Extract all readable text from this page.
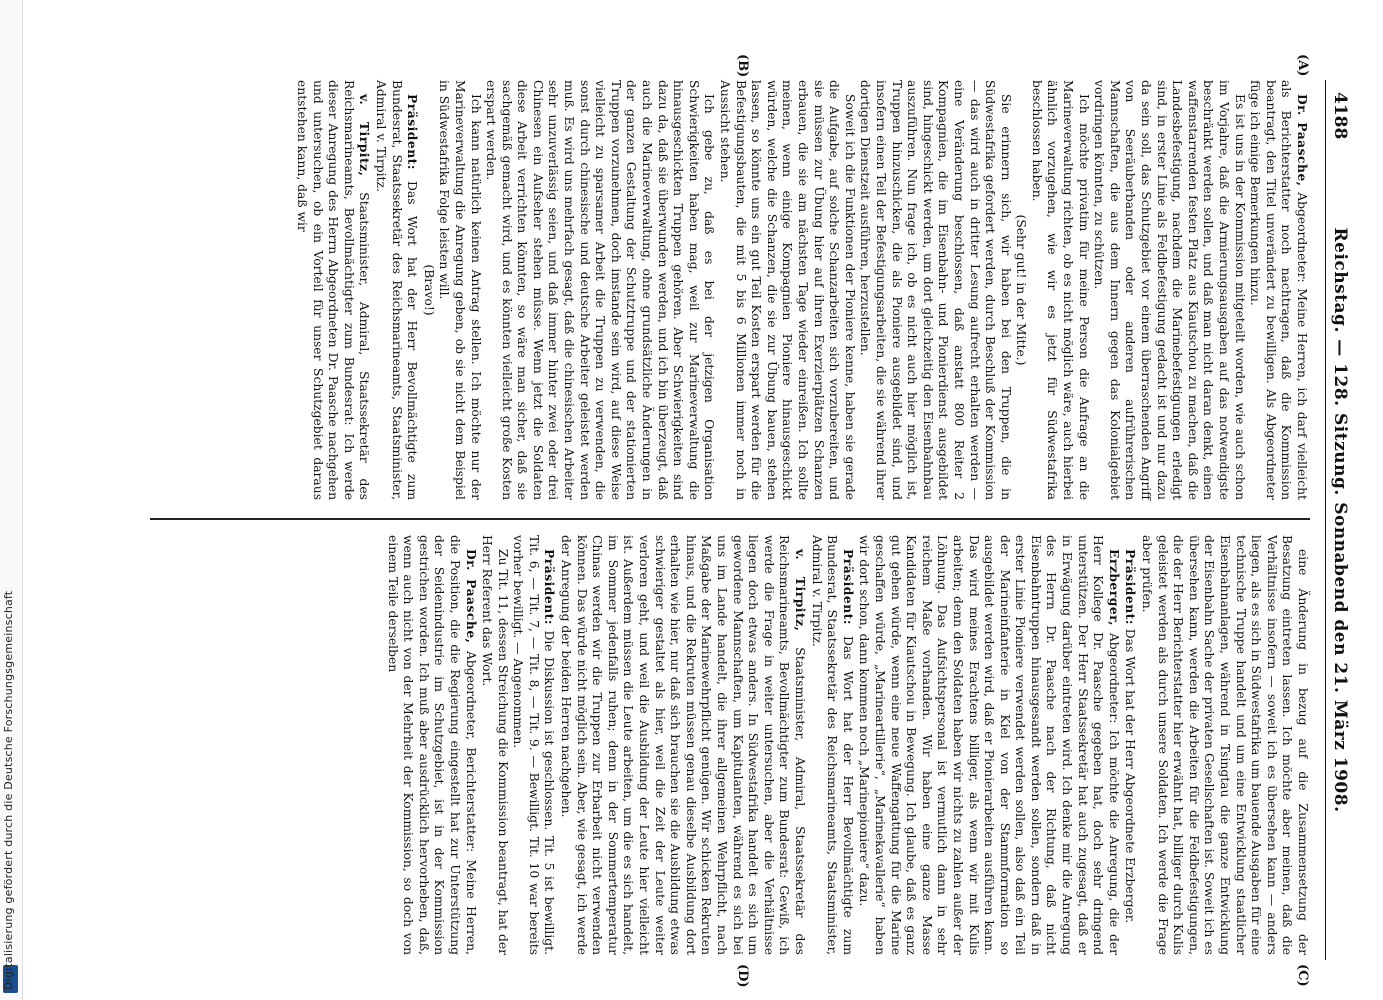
Digitalisierung gefördert durch die Deutsche Forschungsgemeinschaft
4188
Reichstag. — 128. Sitzung. Sonnabend den 21. März 1908.
(A)
(B)
(C)
(D)

Dr. Paasche, Abgeordneter: Meine Herren, ich darf vielleicht als Berichterstatter noch nachtragen, daß die Kommission beantragt, den Titel unverändert zu bewilligen. Als Abgeordneter füge ich einige Bemerkungen hinzu.

Es ist uns in der Kommission mitgeteilt worden, wie auch schon im Vorjahre, daß die Armierungsausgaben auf das notwendigste beschränkt werden sollen, und daß man nicht daran denkt, einen waffenstarrenden festen Platz aus Kiautschou zu machen, daß die Landesbefestigung, nachdem die Marinebefestigungen erledigt sind, in erster Linie als Feldbefestigung gedacht ist und nur dazu da sein soll, das Schutzgebiet vor einem überraschenden Angriff von Seeräuberbanden oder anderen aufrührerischen Mannschaften, die aus dem Innern gegen das Kolonialgebiet vordringen könnten, zu schützen.

Ich möchte privatim für meine Person die Anfrage an die Marineverwaltung richten, ob es nicht möglich wäre, auch hierbei ähnlich vorzugehen, wie wir es jetzt für Südwestafrika beschlossen haben.

(Sehr gut! in der Mitte.)

Sie erinnern sich, wir haben bei den Truppen, die in Südwestafrika gefordert werden, durch Beschluß der Kommission — das wird auch in dritter Lesung aufrecht erhalten werden — eine Veränderung beschlossen, daß anstatt 800 Reiter 2 Kompagnien, die im Eisenbahn- und Pionierdienst ausgebildet sind, hingeschickt werden, um dort gleichzeitig den Eisenbahnbau auszuführen. Nun frage ich, ob es nicht auch hier möglich ist, Truppen hinzuschicken, die als Pioniere ausgebildet sind, und insofern einen Teil der Befestigungsarbeiten, die sie während ihrer dortigen Dienstzeit ausführen, herzustellen.

Soweit ich die Funktionen der Pioniere kenne, haben sie gerade die Aufgabe, auf solche Schanzarbeiten sich vorzubereiten, und sie müssen zur Übung hier auf ihren Exerzierplätzen Schanzen erbauen, die sie am nächsten Tage wieder einreißen. Ich sollte meinen, wenn einige Kompagnien Pioniere hinausgeschickt würden, welche die Schanzen, die sie zur Übung bauen, stehen lassen, so könnte uns ein gut Teil Kosten erspart werden für die Befestigungsbauten, die mit 5 bis 6 Millionen immer noch in Aussicht stehen.

Ich gebe zu, daß es bei der jetzigen Organisation Schwierigkeiten haben mag, weil zur Marineverwaltung die hinausgeschickten Truppen gehören. Aber Schwierigkeiten sind dazu da, daß sie überwunden werden, und ich bin überzeugt, daß auch die Marineverwaltung, ohne grundsätzliche Änderungen in der ganzen Gestaltung der Schutztruppe und der stationierten Truppen vorzunehmen, doch imstande sein wird, auf diese Weise vielleicht zu sparsamer Arbeit die Truppen zu verwenden, die sonst durch chinesische und deutsche Arbeiter geleistet werden muß. Es wird uns mehrfach gesagt, daß die chinesischen Arbeiter sehr unzuverlässig seien, und daß immer hinter zwei oder drei Chinesen ein Aufseher stehen müsse. Wenn jetzt die Soldaten diese Arbeit verrichten könnten, so wäre man sicher, daß sie sachgemäß gemacht wird, und es könnten vielleicht große Kosten erspart werden.

Ich kann natürlich keinen Antrag stellen. Ich möchte nur der Marineverwaltung die Anregung geben, ob sie nicht dem Beispiel in Südwestafrika Folge leisten will.

(Bravo!)

Präsident: Das Wort hat der Herr Bevollmächtigte zum Bundesrat, Staatssekretär des Reichsmarineamts, Staatsminister, Admiral v. Tirpitz.

v. Tirpitz, Staatsminister, Admiral, Staatssekretär des Reichsmarineamts, Bevollmächtigter zum Bundesrat: Ich werde dieser Anregung des Herrn Abgeordneten Dr. Paasche nachgehen und untersuchen, ob ein Vorteil für unser Schutzgebiet daraus entstehen kann, daß wir

eine Änderung in bezug auf die Zusammensetzung der Besatzung eintreten lassen. Ich möchte aber meinen, daß die Verhältnisse insofern — soweit ich es übersehen kann — anders liegen, als es sich in Südwestafrika um bauende Ausgaben für eine technische Truppe handelt und um eine Entwicklung staatlicher Eisenbahnanlagen, während in Tsingtau die ganze Entwicklung der Eisenbahn Sache der privaten Gesellschaften ist. Soweit ich es übersehen kann, werden die Arbeiten für die Feldbefestigungen, die der Herr Berichterstatter hier erwähnt hat, billiger durch Kulis geleistet werden als durch unsere Soldaten. Ich werde die Frage aber prüfen.

Präsident: Das Wort hat der Herr Abgeordnete Erzberger.

Erzberger, Abgeordneter: Ich möchte die Anregung, die der Herr Kollege Dr. Paasche gegeben hat, doch sehr dringend unterstützen. Der Herr Staatssekretär hat auch zugesagt, daß er in Erwägung darüber eintreten wird. Ich denke mir die Anregung des Herrn Dr. Paasche nach der Richtung, daß nicht Eisenbahntruppen hinausgesandt werden sollen, sondern daß in erster Linie Pioniere verwendet werden sollen, also daß ein Teil der Marineinfanterie in Kiel von der Stammformation so ausgebildet werden wird, daß er Pionierarbeiten ausführen kann. Das wird meines Erachtens billiger, als wenn wir mit Kulis arbeiten; denn den Soldaten haben wir nichts zu zahlen außer der Löhnung. Das Aufsichtspersonal ist vermutlich dann in sehr reichem Maße vorhanden. Wir haben eine ganze Masse Kandidaten für Kiautschou in Bewegung. Ich glaube, daß es ganz gut gehen würde, wenn eine neue Waffengattung für die Marine geschaffen würde, „Marineartillerie“, „Marinekavallerie“ haben wir dort schon, dann kommen noch „Marinepioniere“ dazu.

Präsident: Das Wort hat der Herr Bevollmächtigte zum Bundesrat, Staatssekretär des Reichsmarineamts, Staatsminister, Admiral v. Tirpitz.

v. Tirpitz, Staatsminister, Admiral, Staatssekretär des Reichsmarineamts, Bevollmächtigter zum Bundesrat: Gewiß, ich werde die Frage in weiter untersuchen, aber die Verhältnisse liegen doch etwas anders. In Südwestafrika handelt es sich um gewordene Mannschaften, um Kapitulanten, während es sich bei uns im Lande handelt, die ihrer allgemeinen Wehrpflicht, nach Maßgabe der Marinewehrpflicht genügen. Wir schicken Rekruten hinaus, und die Rekruten müssen genau dieselbe Ausbildung dort erhalten wie hier, nur daß sich brauchen sie die Ausbildung etwas schwieriger gestaltet als hier, weil die Zeit der Leute weiter verloren geht, und weil die Ausbildung der Leute hier vielleicht ist. Außerdem müssen die Leute arbeiten, um die es sich handelt, im Sommer jedenfalls ruhen; denn in der Sommertemperatur Chinas werden wir die Truppen zur Erbarbeit nicht verwenden können. Das würde nicht möglich sein. Aber, wie gesagt, ich werde der Anregung der beiden Herren nachgehen.

Präsident: Die Diskussion ist geschlossen. Tit. 5 ist bewilligt. Tit. 6, — Tit. 7, — Tit. 8, — Tit. 9. — Bewilligt. Tit. 10 war bereits vorher bewilligt. — Angenommen.

Zu Tit. 11, dessen Streichung die Kommission beantragt, hat der Herr Referent das Wort.

Dr. Paasche, Abgeordneter, Berichterstatter: Meine Herren, die Position, die die Regierung eingestellt hat zur Unterstützung der Seidenindustrie im Schutzgebiet, ist in der Kommission gestrichen worden. Ich muß aber ausdrücklich hervorheben, daß, wenn auch nicht von der Mehrheit der Kommission, so doch von einem Teile derselben
